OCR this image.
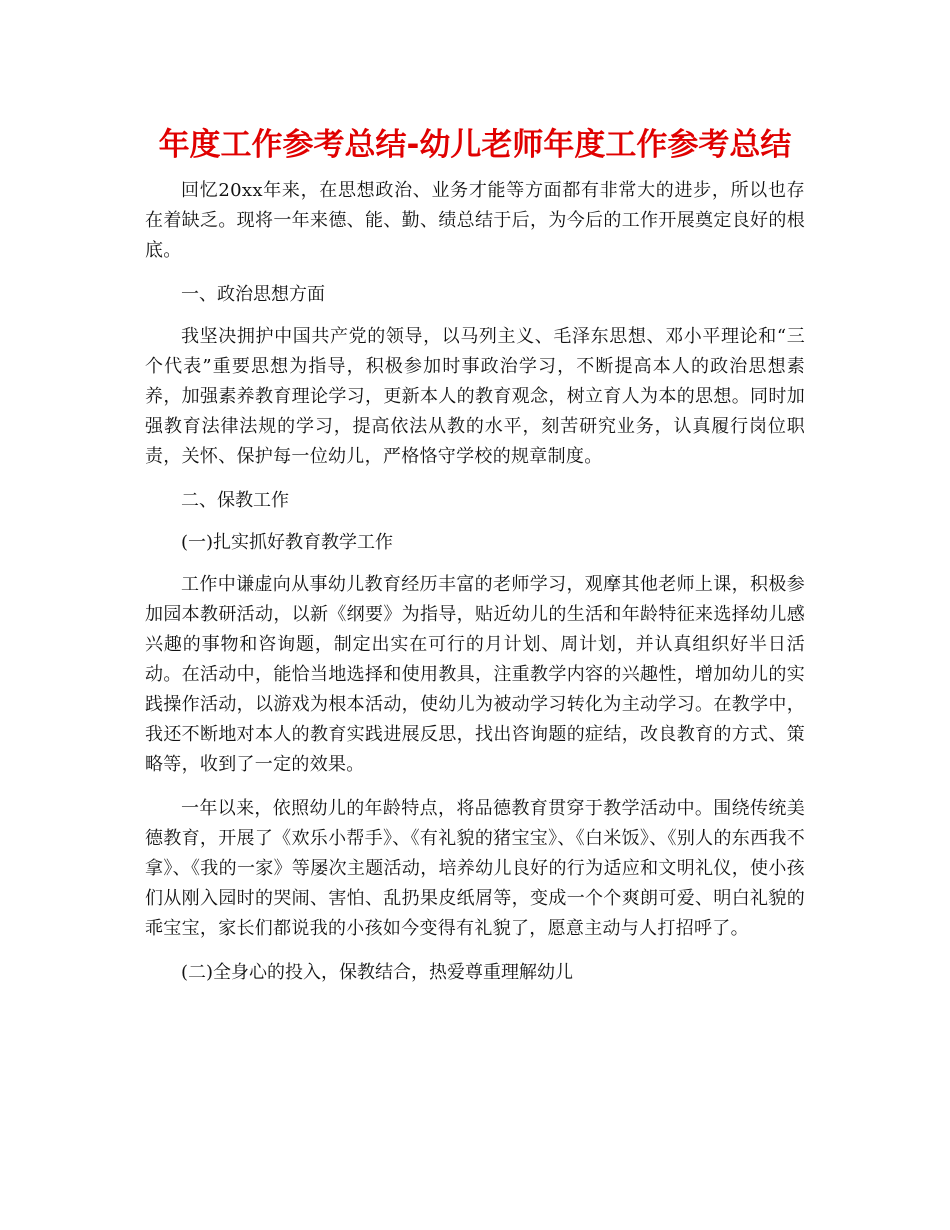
年度工作参考总结-幼儿老师年度工作参考总结

回忆20xx年来，在思想政治、业务才能等方面都有非常大的进步，所以也存在着缺乏。现将一年来德、能、勤、绩总结于后，为今后的工作开展奠定良好的根底。

一、政治思想方面

我坚决拥护中国共产党的领导，以马列主义、毛泽东思想、邓小平理论和“三个代表”重要思想为指导，积极参加时事政治学习，不断提高本人的政治思想素养，加强素养教育理论学习，更新本人的教育观念，树立育人为本的思想。同时加强教育法律法规的学习，提高依法从教的水平，刻苦研究业务，认真履行岗位职责，关怀、保护每一位幼儿，严格恪守学校的规章制度。

二、保教工作

(一)扎实抓好教育教学工作

工作中谦虚向从事幼儿教育经历丰富的老师学习，观摩其他老师上课，积极参加园本教研活动，以新《纲要》为指导，贴近幼儿的生活和年龄特征来选择幼儿感兴趣的事物和咨询题，制定出实在可行的月计划、周计划，并认真组织好半日活动。在活动中，能恰当地选择和使用教具，注重教学内容的兴趣性，增加幼儿的实践操作活动，以游戏为根本活动，使幼儿为被动学习转化为主动学习。在教学中，我还不断地对本人的教育实践进展反思，找出咨询题的症结，改良教育的方式、策略等，收到了一定的效果。

一年以来，依照幼儿的年龄特点，将品德教育贯穿于教学活动中。围绕传统美德教育，开展了《欢乐小帮手》、《有礼貌的猪宝宝》、《白米饭》、《别人的东西我不拿》、《我的一家》等屡次主题活动，培养幼儿良好的行为适应和文明礼仪，使小孩们从刚入园时的哭闹、害怕、乱扔果皮纸屑等，变成一个个爽朗可爱、明白礼貌的乖宝宝，家长们都说我的小孩如今变得有礼貌了，愿意主动与人打招呼了。

(二)全身心的投入，保教结合，热爱尊重理解幼儿
